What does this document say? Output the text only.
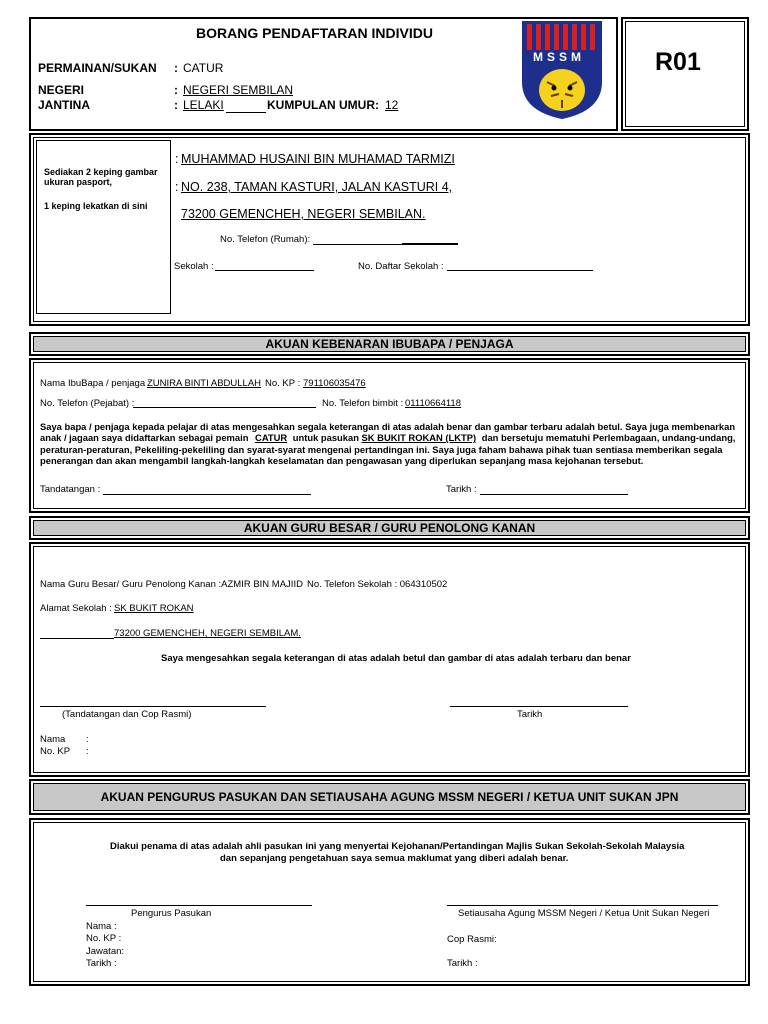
BORANG PENDAFTARAN INDIVIDU
PERMAINAN/SUKAN : CATUR
NEGERI	: NEGERI SEMBILAN
JANTINA	: LELAKI	KUMPULAN UMUR: 12
MSSM	R01
Sediakan 2 keping gambar ukuran pasport,
1 keping lekatkan di sini
: MUHAMMAD HUSAINI BIN MUHAMAD TARMIZI
: NO. 238, TAMAN KASTURI, JALAN KASTURI 4,
73200 GEMENCHEH, NEGERI SEMBILAN.
No. Telefon (Rumah):
Sekolah :	No. Daftar Sekolah :
AKUAN KEBENARAN IBUBAPA / PENJAGA
Nama IbuBapa / penjaga :
ZUNIRA BINTI ABDULLAH No. KP : 791106035476
No. Telefon (Pejabat) :	No. Telefon bimbit : 01110664118
Saya bapa / penjaga kepada pelajar di atas mengesahkan segala keterangan di atas adalah benar dan gambar terbaru adalah betul. Saya juga membenarkan
anak / jagaan saya didaftarkan sebagai pemain CATUR untuk pasukan SK BUKIT ROKAN (LKTP) dan bersetuju mematuhi Perlembagaan, undang-undang,
peraturan-peraturan, Pekeliling-pekeliling dan syarat-syarat mengenai pertandingan ini. Saya juga faham bahawa pihak tuan sentiasa memberikan segala
penerangan dan akan mengambil langkah-langkah keselamatan dan pengawasan yang diperlukan sepanjang masa kejohanan tersebut.
Tandatangan :	Tarikh :
AKUAN GURU BESAR / GURU PENOLONG KANAN
Nama Guru Besar/ Guru Penolong Kanan :AZMIR BIN MAJIID No. Telefon Sekolah : 064310502
Alamat Sekolah : SK BUKIT ROKAN
73200 GEMENCHEH, NEGERI SEMBILAM.
Saya mengesahkan segala keterangan di atas adalah betul dan gambar di atas adalah terbaru dan benar
(Tandatangan dan Cop Rasmi)	Tarikh
Nama :
No. KP :
AKUAN PENGURUS PASUKAN DAN SETIAUSAHA AGUNG MSSM NEGERI / KETUA UNIT SUKAN JPN
Diakui penama di atas adalah ahli pasukan ini yang menyertai Kejohanan/Pertandingan Majlis Sukan Sekolah-Sekolah Malaysia
dan sepanjang pengetahuan saya semua maklumat yang diberi adalah benar.
Pengurus Pasukan
Nama :
No. KP :
Jawatan:
Tarikh :
Setiausaha Agung MSSM Negeri / Ketua Unit Sukan Negeri
Cop Rasmi:
Tarikh :
